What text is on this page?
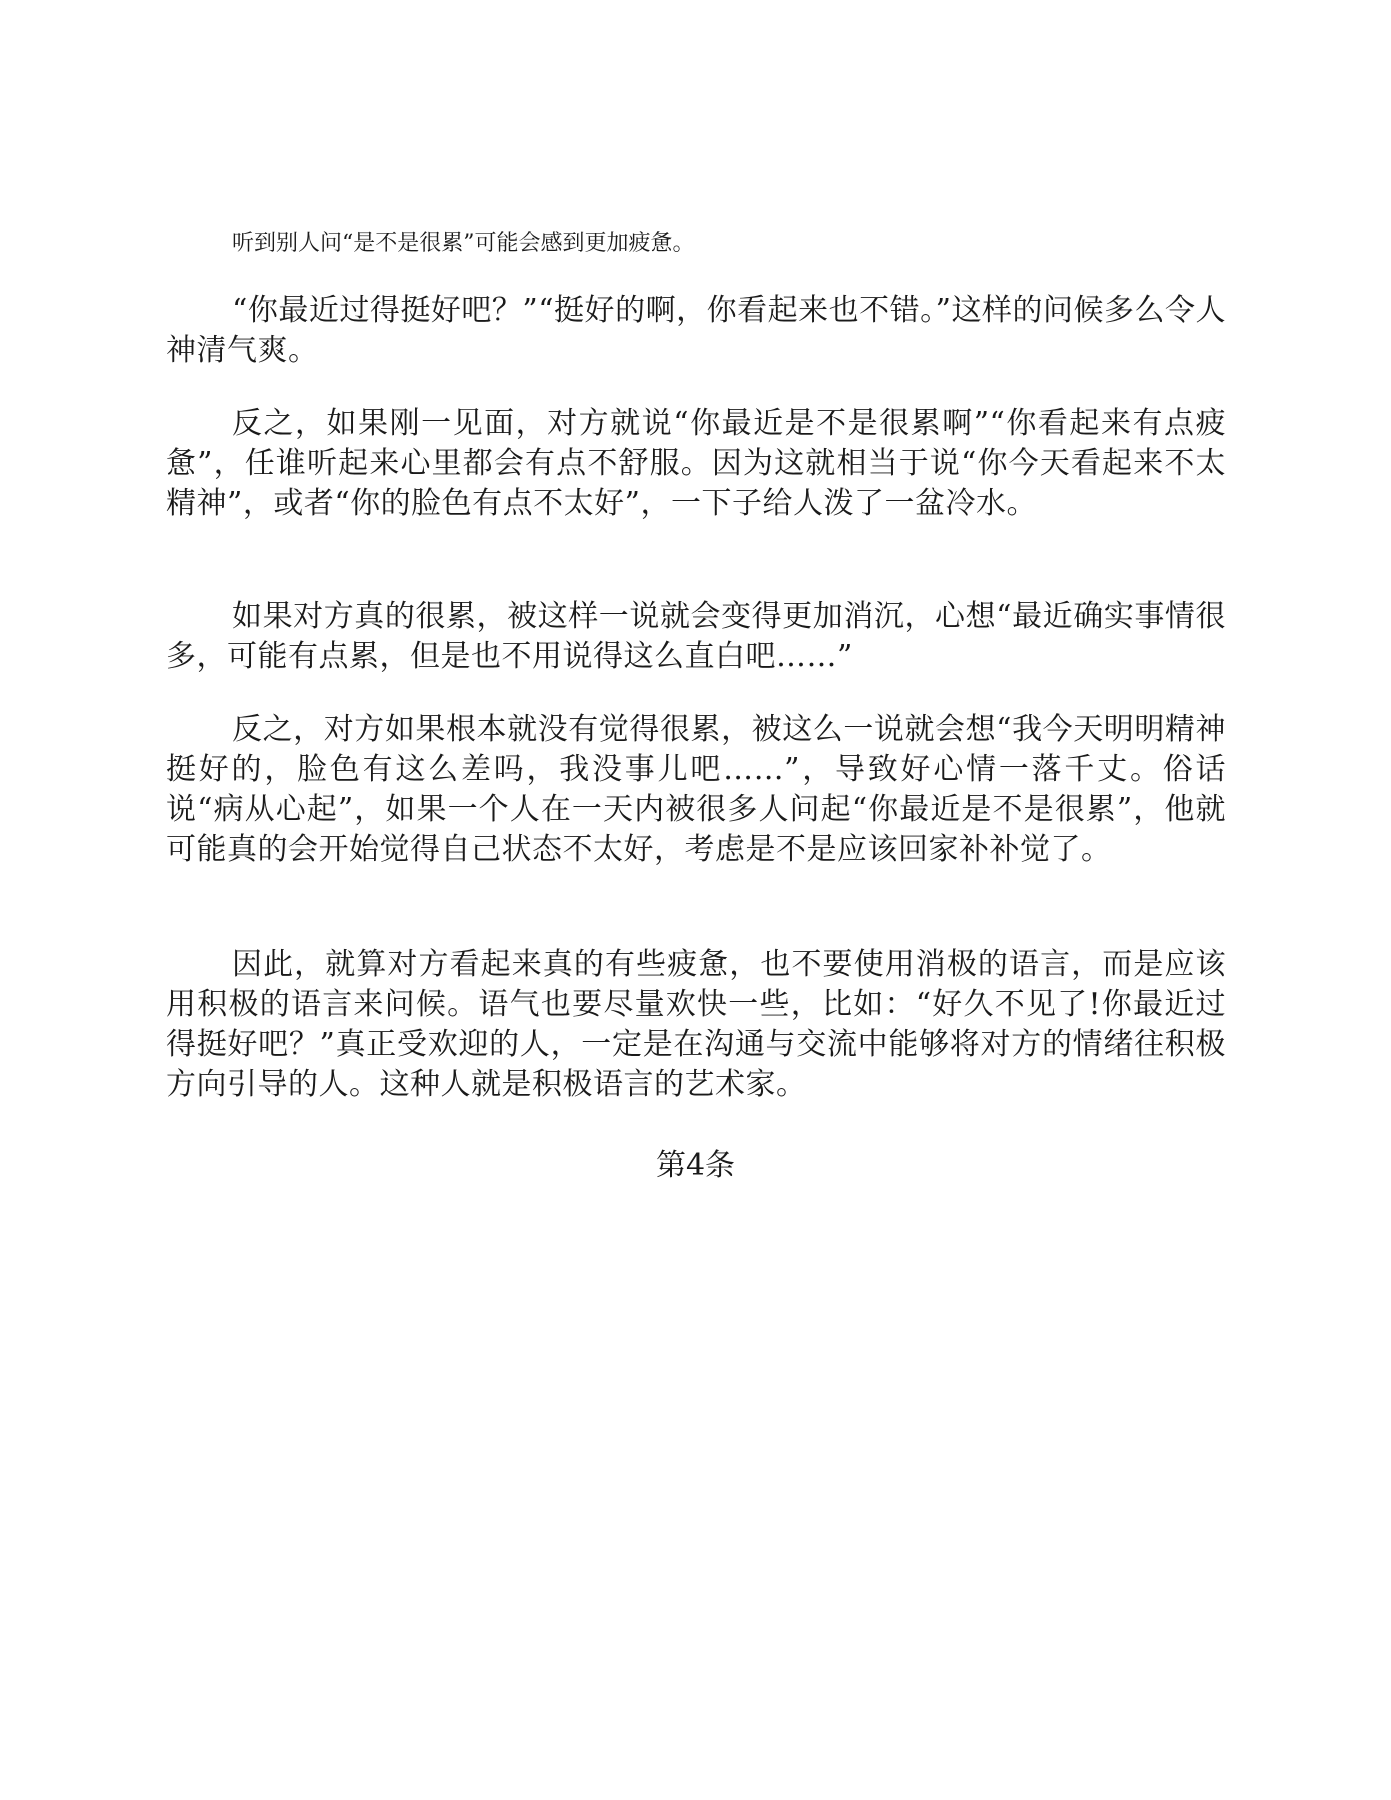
听到别人问“是不是很累”可能会感到更加疲惫。

“你最近过得挺好吧？”“挺好的啊，你看起来也不错。”这样的问候多么令人神清气爽。

反之，如果刚一见面，对方就说“你最近是不是很累啊”“你看起来有点疲惫”，任谁听起来心里都会有点不舒服。因为这就相当于说“你今天看起来不太精神”，或者“你的脸色有点不太好”，一下子给人泼了一盆冷水。

如果对方真的很累，被这样一说就会变得更加消沉，心想“最近确实事情很多，可能有点累，但是也不用说得这么直白吧……”

反之，对方如果根本就没有觉得很累，被这么一说就会想“我今天明明精神挺好的，脸色有这么差吗，我没事儿吧……”，导致好心情一落千丈。俗话说“病从心起”，如果一个人在一天内被很多人问起“你最近是不是很累”，他就可能真的会开始觉得自己状态不太好，考虑是不是应该回家补补觉了。

因此，就算对方看起来真的有些疲惫，也不要使用消极的语言，而是应该用积极的语言来问候。语气也要尽量欢快一些，比如：“好久不见了!你最近过得挺好吧？”真正受欢迎的人，一定是在沟通与交流中能够将对方的情绪往积极方向引导的人。这种人就是积极语言的艺术家。

第4条
